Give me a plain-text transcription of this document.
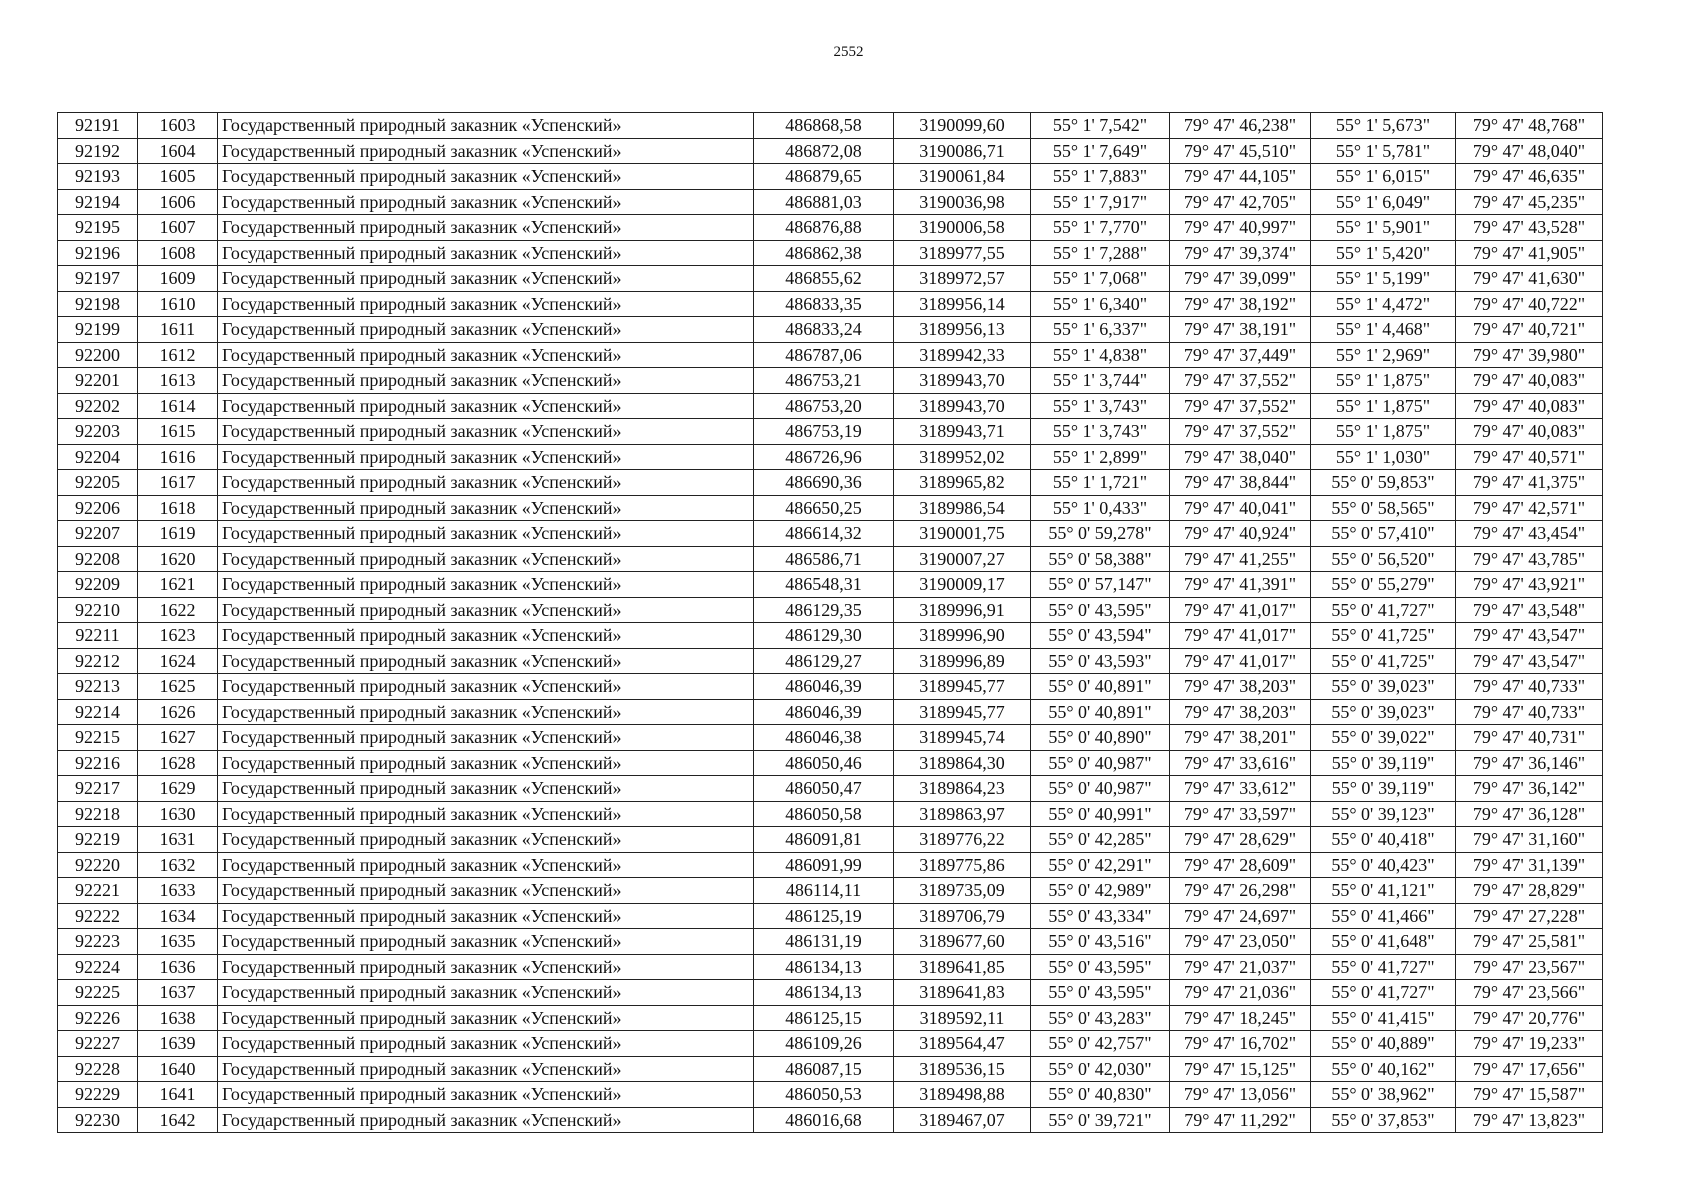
2552
92191	1603	Государственный природный заказник «Успенский»	486868,58	3190099,60	55° 1' 7,542"	79° 47' 46,238"	55° 1' 5,673"	79° 47' 48,768"
92192	1604	Государственный природный заказник «Успенский»	486872,08	3190086,71	55° 1' 7,649"	79° 47' 45,510"	55° 1' 5,781"	79° 47' 48,040"
92193	1605	Государственный природный заказник «Успенский»	486879,65	3190061,84	55° 1' 7,883"	79° 47' 44,105"	55° 1' 6,015"	79° 47' 46,635"
92194	1606	Государственный природный заказник «Успенский»	486881,03	3190036,98	55° 1' 7,917"	79° 47' 42,705"	55° 1' 6,049"	79° 47' 45,235"
92195	1607	Государственный природный заказник «Успенский»	486876,88	3190006,58	55° 1' 7,770"	79° 47' 40,997"	55° 1' 5,901"	79° 47' 43,528"
92196	1608	Государственный природный заказник «Успенский»	486862,38	3189977,55	55° 1' 7,288"	79° 47' 39,374"	55° 1' 5,420"	79° 47' 41,905"
92197	1609	Государственный природный заказник «Успенский»	486855,62	3189972,57	55° 1' 7,068"	79° 47' 39,099"	55° 1' 5,199"	79° 47' 41,630"
92198	1610	Государственный природный заказник «Успенский»	486833,35	3189956,14	55° 1' 6,340"	79° 47' 38,192"	55° 1' 4,472"	79° 47' 40,722"
92199	1611	Государственный природный заказник «Успенский»	486833,24	3189956,13	55° 1' 6,337"	79° 47' 38,191"	55° 1' 4,468"	79° 47' 40,721"
92200	1612	Государственный природный заказник «Успенский»	486787,06	3189942,33	55° 1' 4,838"	79° 47' 37,449"	55° 1' 2,969"	79° 47' 39,980"
92201	1613	Государственный природный заказник «Успенский»	486753,21	3189943,70	55° 1' 3,744"	79° 47' 37,552"	55° 1' 1,875"	79° 47' 40,083"
92202	1614	Государственный природный заказник «Успенский»	486753,20	3189943,70	55° 1' 3,743"	79° 47' 37,552"	55° 1' 1,875"	79° 47' 40,083"
92203	1615	Государственный природный заказник «Успенский»	486753,19	3189943,71	55° 1' 3,743"	79° 47' 37,552"	55° 1' 1,875"	79° 47' 40,083"
92204	1616	Государственный природный заказник «Успенский»	486726,96	3189952,02	55° 1' 2,899"	79° 47' 38,040"	55° 1' 1,030"	79° 47' 40,571"
92205	1617	Государственный природный заказник «Успенский»	486690,36	3189965,82	55° 1' 1,721"	79° 47' 38,844"	55° 0' 59,853"	79° 47' 41,375"
92206	1618	Государственный природный заказник «Успенский»	486650,25	3189986,54	55° 1' 0,433"	79° 47' 40,041"	55° 0' 58,565"	79° 47' 42,571"
92207	1619	Государственный природный заказник «Успенский»	486614,32	3190001,75	55° 0' 59,278"	79° 47' 40,924"	55° 0' 57,410"	79° 47' 43,454"
92208	1620	Государственный природный заказник «Успенский»	486586,71	3190007,27	55° 0' 58,388"	79° 47' 41,255"	55° 0' 56,520"	79° 47' 43,785"
92209	1621	Государственный природный заказник «Успенский»	486548,31	3190009,17	55° 0' 57,147"	79° 47' 41,391"	55° 0' 55,279"	79° 47' 43,921"
92210	1622	Государственный природный заказник «Успенский»	486129,35	3189996,91	55° 0' 43,595"	79° 47' 41,017"	55° 0' 41,727"	79° 47' 43,548"
92211	1623	Государственный природный заказник «Успенский»	486129,30	3189996,90	55° 0' 43,594"	79° 47' 41,017"	55° 0' 41,725"	79° 47' 43,547"
92212	1624	Государственный природный заказник «Успенский»	486129,27	3189996,89	55° 0' 43,593"	79° 47' 41,017"	55° 0' 41,725"	79° 47' 43,547"
92213	1625	Государственный природный заказник «Успенский»	486046,39	3189945,77	55° 0' 40,891"	79° 47' 38,203"	55° 0' 39,023"	79° 47' 40,733"
92214	1626	Государственный природный заказник «Успенский»	486046,39	3189945,77	55° 0' 40,891"	79° 47' 38,203"	55° 0' 39,023"	79° 47' 40,733"
92215	1627	Государственный природный заказник «Успенский»	486046,38	3189945,74	55° 0' 40,890"	79° 47' 38,201"	55° 0' 39,022"	79° 47' 40,731"
92216	1628	Государственный природный заказник «Успенский»	486050,46	3189864,30	55° 0' 40,987"	79° 47' 33,616"	55° 0' 39,119"	79° 47' 36,146"
92217	1629	Государственный природный заказник «Успенский»	486050,47	3189864,23	55° 0' 40,987"	79° 47' 33,612"	55° 0' 39,119"	79° 47' 36,142"
92218	1630	Государственный природный заказник «Успенский»	486050,58	3189863,97	55° 0' 40,991"	79° 47' 33,597"	55° 0' 39,123"	79° 47' 36,128"
92219	1631	Государственный природный заказник «Успенский»	486091,81	3189776,22	55° 0' 42,285"	79° 47' 28,629"	55° 0' 40,418"	79° 47' 31,160"
92220	1632	Государственный природный заказник «Успенский»	486091,99	3189775,86	55° 0' 42,291"	79° 47' 28,609"	55° 0' 40,423"	79° 47' 31,139"
92221	1633	Государственный природный заказник «Успенский»	486114,11	3189735,09	55° 0' 42,989"	79° 47' 26,298"	55° 0' 41,121"	79° 47' 28,829"
92222	1634	Государственный природный заказник «Успенский»	486125,19	3189706,79	55° 0' 43,334"	79° 47' 24,697"	55° 0' 41,466"	79° 47' 27,228"
92223	1635	Государственный природный заказник «Успенский»	486131,19	3189677,60	55° 0' 43,516"	79° 47' 23,050"	55° 0' 41,648"	79° 47' 25,581"
92224	1636	Государственный природный заказник «Успенский»	486134,13	3189641,85	55° 0' 43,595"	79° 47' 21,037"	55° 0' 41,727"	79° 47' 23,567"
92225	1637	Государственный природный заказник «Успенский»	486134,13	3189641,83	55° 0' 43,595"	79° 47' 21,036"	55° 0' 41,727"	79° 47' 23,566"
92226	1638	Государственный природный заказник «Успенский»	486125,15	3189592,11	55° 0' 43,283"	79° 47' 18,245"	55° 0' 41,415"	79° 47' 20,776"
92227	1639	Государственный природный заказник «Успенский»	486109,26	3189564,47	55° 0' 42,757"	79° 47' 16,702"	55° 0' 40,889"	79° 47' 19,233"
92228	1640	Государственный природный заказник «Успенский»	486087,15	3189536,15	55° 0' 42,030"	79° 47' 15,125"	55° 0' 40,162"	79° 47' 17,656"
92229	1641	Государственный природный заказник «Успенский»	486050,53	3189498,88	55° 0' 40,830"	79° 47' 13,056"	55° 0' 38,962"	79° 47' 15,587"
92230	1642	Государственный природный заказник «Успенский»	486016,68	3189467,07	55° 0' 39,721"	79° 47' 11,292"	55° 0' 37,853"	79° 47' 13,823"
